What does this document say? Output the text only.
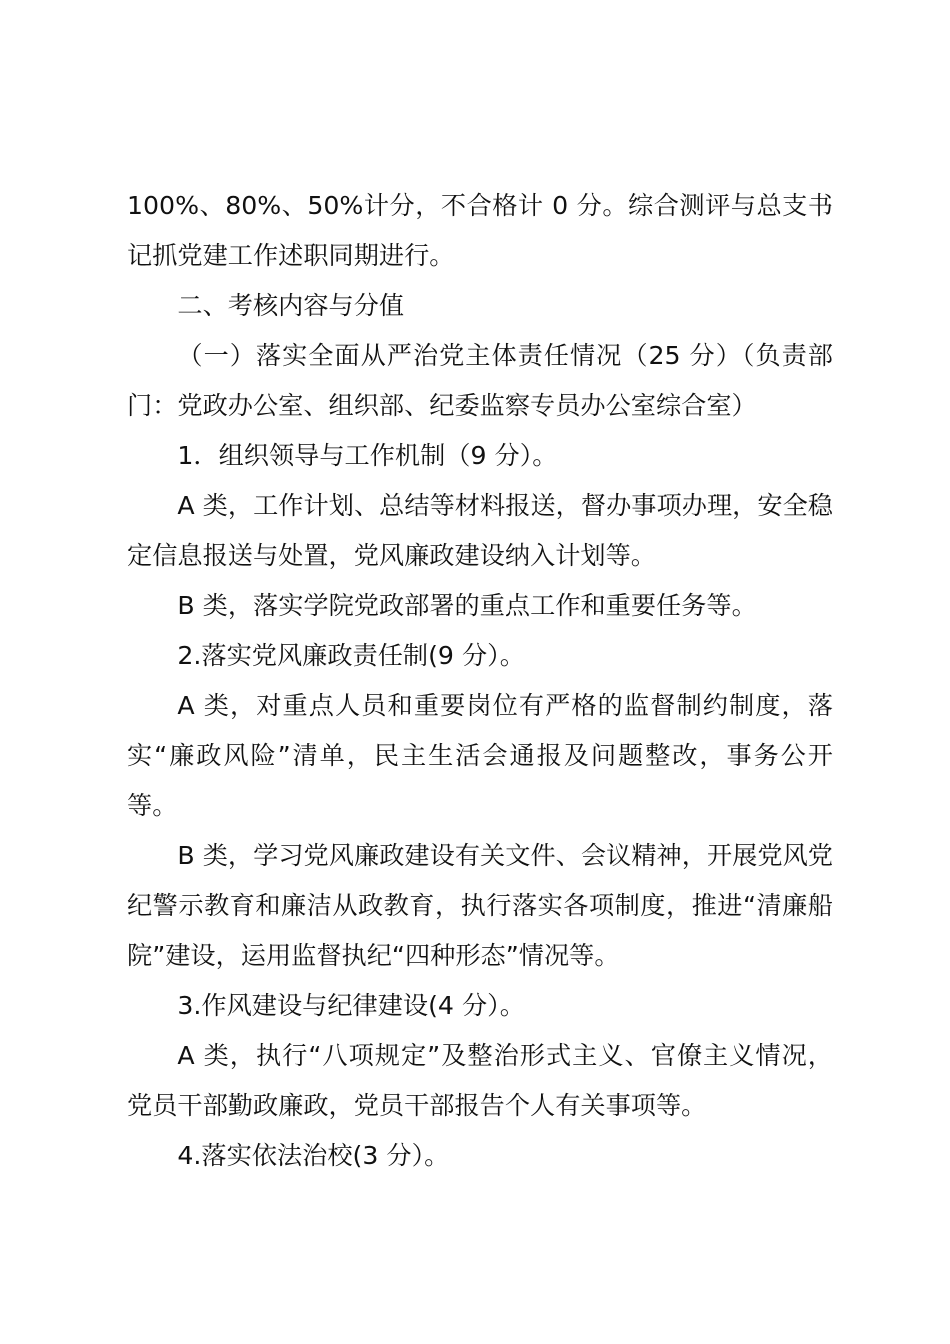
100%、80%、50%计分，不合格计 0 分。综合测评与总支书记抓党建工作述职同期进行。

二、考核内容与分值

（一）落实全面从严治党主体责任情况（25 分）（负责部门：党政办公室、组织部、纪委监察专员办公室综合室）

1．组织领导与工作机制（9 分）。

A 类，工作计划、总结等材料报送，督办事项办理，安全稳定信息报送与处置，党风廉政建设纳入计划等。

B 类，落实学院党政部署的重点工作和重要任务等。

2.落实党风廉政责任制(9 分）。

A 类，对重点人员和重要岗位有严格的监督制约制度，落实“廉政风险”清单，民主生活会通报及问题整改，事务公开等。

B 类，学习党风廉政建设有关文件、会议精神，开展党风党纪警示教育和廉洁从政教育，执行落实各项制度，推进“清廉船院”建设，运用监督执纪“四种形态”情况等。

3.作风建设与纪律建设(4 分）。

A 类，执行“八项规定”及整治形式主义、官僚主义情况，党员干部勤政廉政，党员干部报告个人有关事项等。

4.落实依法治校(3 分）。
